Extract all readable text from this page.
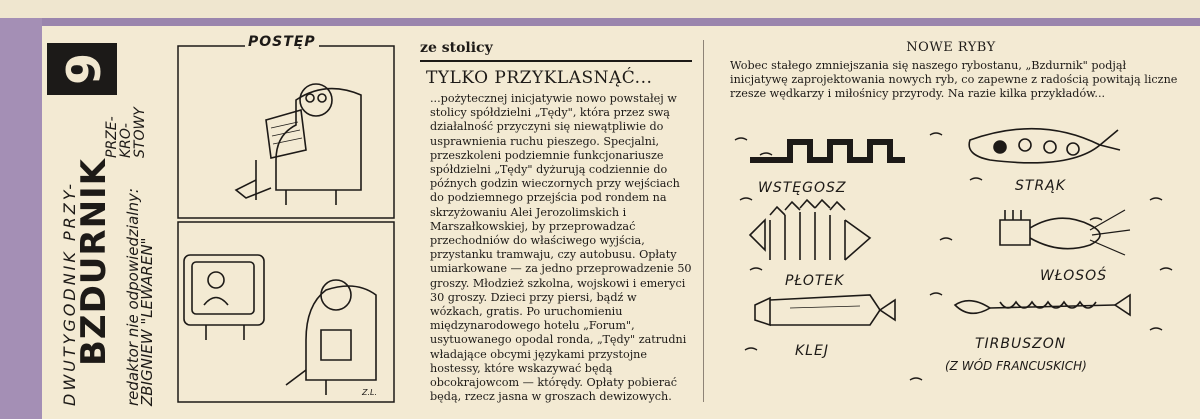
6
DWUTYGODNIK PRZY-
BZDURNIK redaktor nie odpowiedzialny:
ZBIGNIEW "LEWAREN"
PRZE-
KRO-
STOWY
Z.L.
POSTĘP	ze stolicy
TYLKO PRZYKLASNĄĆ...

...pożytecznej inicjatywie nowo powstałej w stolicy spółdzielni „Tędy", która przez swą działalność przyczyni się niewątpliwie do usprawnienia ruchu pieszego. Specjalni, przeszkoleni podziemnie funkcjonariusze spółdzielni „Tędy" dyżurują codziennie do późnych godzin wieczornych przy wejściach do podziemnego przejścia pod rondem na skrzyżowaniu Alei Jerozolimskich i Marszałkowskiej, by przeprowadzać przechodniów do właściwego wyjścia, przystanku tramwaju, czy autobusu. Opłaty umiarkowane — za jedno przeprowadzenie 50 groszy. Młodzież szkolna, wojskowi i emeryci 30 groszy. Dzieci przy piersi, bądź w wózkach, gratis. Po uruchomieniu międzynarodowego hotelu „Forum", usytuowanego opodal ronda, „Tędy" zatrudni władające obcymi językami przystojne hostessy, które wskazywać będą obcokrajowcom — którędy. Opłaty pobierać będą, rzecz jasna w groszach dewizowych.

NOWE RYBY

Wobec stałego zmniejszania się naszego rybostanu, „Bzdurnik" podjął inicjatywę zaprojektowania nowych ryb, co zapewne z radością powitają liczne rzesze wędkarzy i miłośnicy przyrody. Na razie kilka przykładów...

WSTĘGOSZ	STRĄK
PŁOTEK	WŁOSOŚ
KLEJ	TIRBUSZON
(Z WÓD FRANCUSKICH)
